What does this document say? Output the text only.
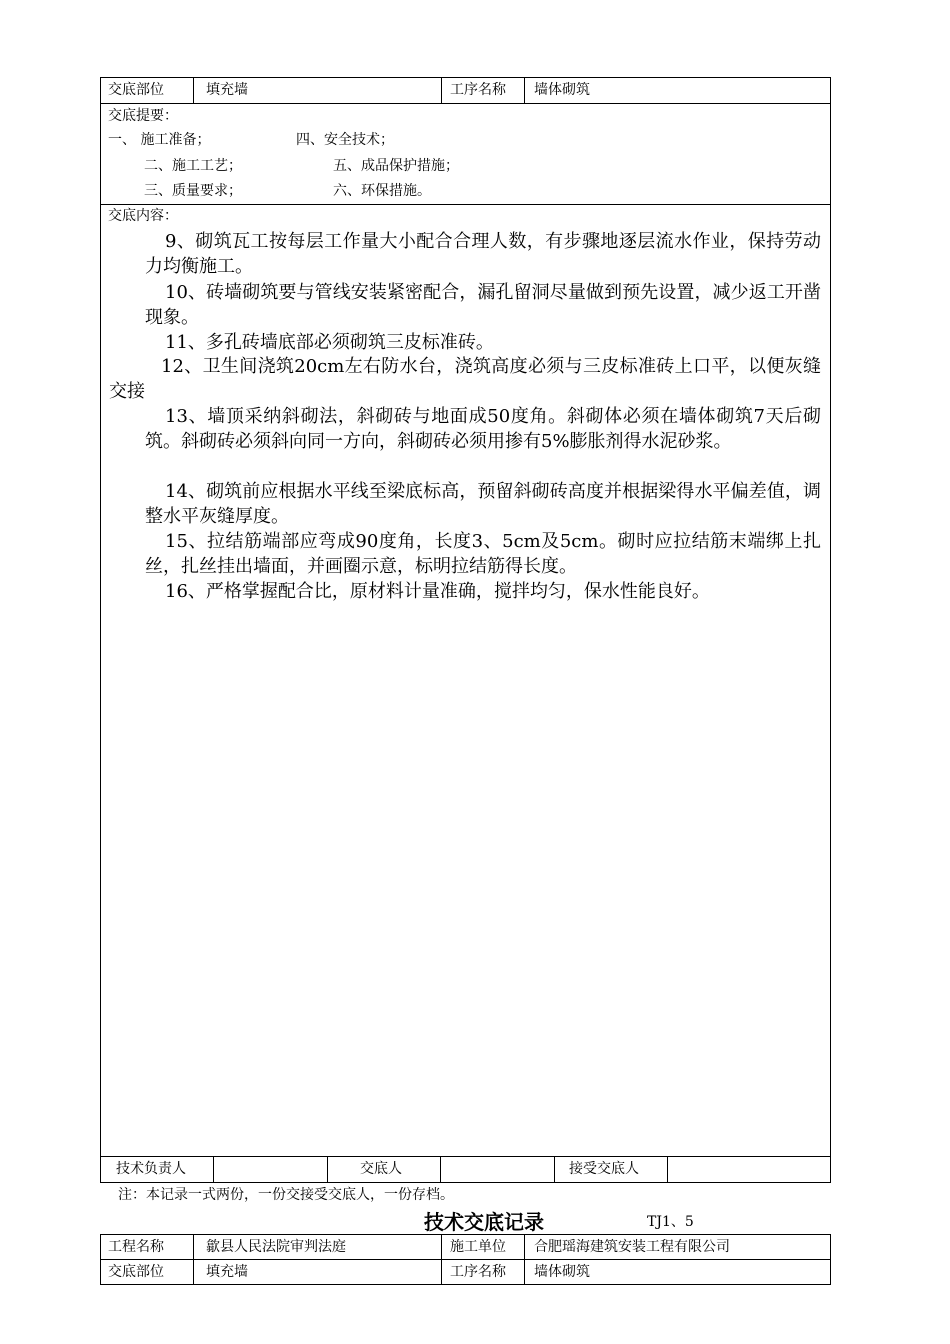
交底部位	填充墙	工序名称 墙体砌筑
交底提要：
一、 施工准备；	四、安全技术；
二、施工工艺；	五、成品保护措施；
三、质量要求；	六、环保措施。
交底内容：
9、砌筑瓦工按每层工作量大小配合合理人数，有步骤地逐层流水作业，保持劳动力均衡施工。
10、砖墙砌筑要与管线安装紧密配合，漏孔留洞尽量做到预先设置，减少返工开凿现象。
11、多孔砖墙底部必须砌筑三皮标准砖。
12、卫生间浇筑20cm左右防水台，浇筑高度必须与三皮标准砖上口平，以便灰缝交接
13、墙顶采纳斜砌法，斜砌砖与地面成50度角。斜砌体必须在墙体砌筑7天后砌筑。斜砌砖必须斜向同一方向，斜砌砖必须用掺有5%膨胀剂得水泥砂浆。
14、砌筑前应根据水平线至梁底标高，预留斜砌砖高度并根据梁得水平偏差值，调整水平灰缝厚度。
15、拉结筋端部应弯成90度角，长度3、5cm及5cm。砌时应拉结筋末端绑上扎丝，扎丝挂出墙面，并画圈示意，标明拉结筋得长度。
16、严格掌握配合比，原材料计量准确，搅拌均匀，保水性能良好。
技术负责人	交底人	接受交底人
注：本记录一式两份，一份交接受交底人，一份存档。
技术交底记录	TJ1、5
工程名称	歙县人民法院审判法庭	施工单位 合肥瑶海建筑安装工程有限公司
交底部位	填充墙	工序名称 墙体砌筑
